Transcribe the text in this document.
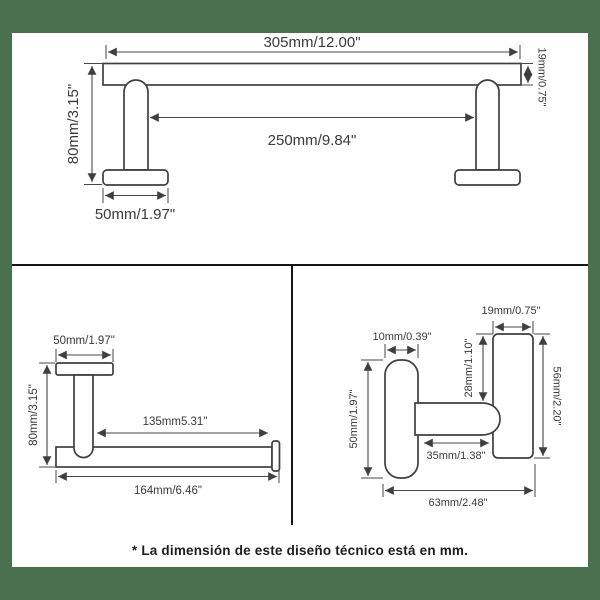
305mm/12.00"
250mm/9.84"
80mm/3.15"
19mm/0.75"
50mm/1.97"
50mm/1.97"
80mm/3.15"	135mm5.31"
164mm/6.46"
19mm/0.75"
10mm/0.39"
28mm/1.10"	56mm/2.20"
50mm/1.97"
35mm/1.38"
63mm/2.48"
* La dimensión de este diseño técnico está en mm.
